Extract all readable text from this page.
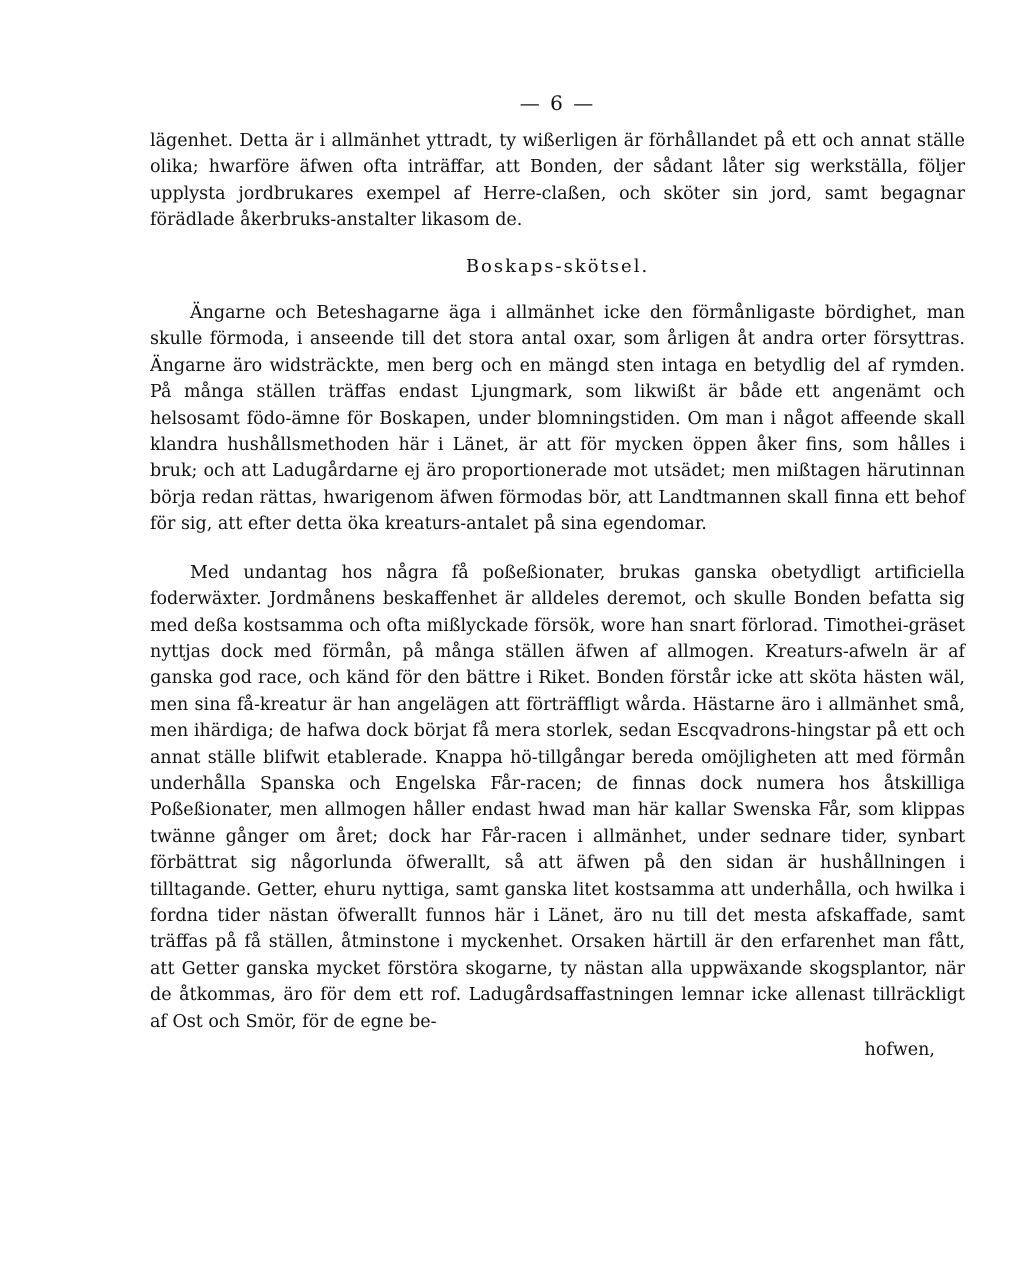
— 6 —

lägenhet. Detta är i allmänhet yttradt, ty wißerligen är förhållandet på ett och annat ställe olika; hwarföre äfwen ofta inträffar, att Bonden, der sådant låter sig werkställa, följer upplysta jordbrukares exempel af Herre-claßen, och sköter sin jord, samt begagnar förädlade åkerbruks-anstalter likasom de.

Boskaps-skötsel.

Ängarne och Beteshagarne äga i allmänhet icke den förmånligaste bördighet, man skulle förmoda, i anseende till det stora antal oxar, som årligen åt andra orter försyttras. Ängarne äro widsträckte, men berg och en mängd sten intaga en betydlig del af rymden. På många ställen träffas endast Ljungmark, som likwißt är både ett angenämt och helsosamt födo-ämne för Boskapen, under blomningstiden. Om man i något affeende skall klandra hushållsmethoden här i Länet, är att för mycken öppen åker fins, som hålles i bruk; och att Ladugårdarne ej äro proportionerade mot utsädet; men mißtagen härutinnan börja redan rättas, hwarigenom äfwen förmodas bör, att Landtmannen skall finna ett behof för sig, att efter detta öka kreaturs-antalet på sina egendomar.

Med undantag hos några få poßeßionater, brukas ganska obetydligt artificiella foderwäxter. Jordmånens beskaffenhet är alldeles deremot, och skulle Bonden befatta sig med deßa kostsamma och ofta mißlyckade försök, wore han snart förlorad. Timothei-gräset nyttjas dock med förmån, på många ställen äfwen af allmogen. Kreaturs-afweln är af ganska god race, och känd för den bättre i Riket. Bonden förstår icke att sköta hästen wäl, men sina få-kreatur är han angelägen att förträffligt wårda. Hästarne äro i allmänhet små, men ihärdiga; de hafwa dock börjat få mera storlek, sedan Escqvadrons-hingstar på ett och annat ställe blifwit etablerade. Knappa hö-tillgångar bereda omöjligheten att med förmån underhålla Spanska och Engelska Får-racen; de finnas dock numera hos åtskilliga Poßeßionater, men allmogen håller endast hwad man här kallar Swenska Får, som klippas twänne gånger om året; dock har Får-racen i allmänhet, under sednare tider, synbart förbättrat sig någorlunda öfwerallt, så att äfwen på den sidan är hushållningen i tilltagande. Getter, ehuru nyttiga, samt ganska litet kostsamma att underhålla, och hwilka i fordna tider nästan öfwerallt funnos här i Länet, äro nu till det mesta afskaffade, samt träffas på få ställen, åtminstone i myckenhet. Orsaken härtill är den erfarenhet man fått, att Getter ganska mycket förstöra skogarne, ty nästan alla uppwäxande skogsplantor, när de åtkommas, äro för dem ett rof. Ladugårdsaffastningen lemnar icke allenast tillräckligt af Ost och Smör, för de egne be-

hofwen,
